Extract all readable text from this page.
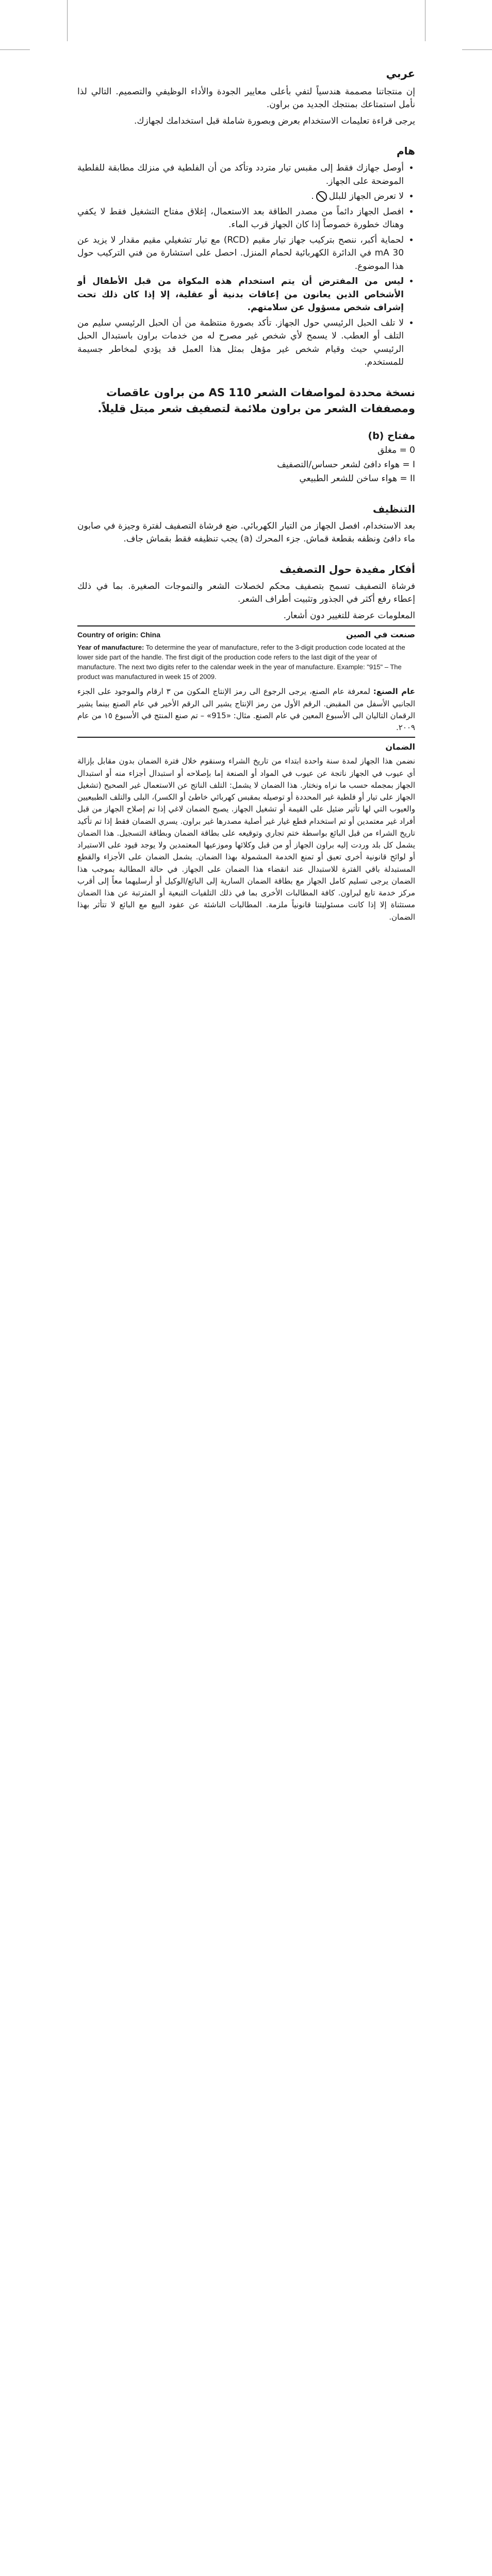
عربي

إن منتجاتنا مصممة هندسياً لتفي بأعلى معايير الجودة والأداء الوظيفي والتصميم. التالي لذا نأمل استمتاعك بمنتجك الجديد من براون.

يرجى قراءة تعليمات الاستخدام بعرض وبصورة شاملة قبل استخدامك لجهازك.

هام
• أوصل جهازك فقط إلى مقبس تيار متردد وتأكد من أن الفلطية في منزلك مطابقة للفلطية الموضحة على الجهاز.
• لا تعرض الجهاز للبلل.
• افصل الجهاز دائماً من مصدر الطاقة بعد الاستعمال، إغلاق مفتاح التشغيل فقط لا يكفي وهناك خطورة خصوصاً إذا كان الجهاز قرب الماء.
• لحماية أكبر، ننصح بتركيب جهاز تيار مقيم (RCD) مع تيار تشغيلي مقيم مقدار لا يزيد عن 30 mA في الدائرة الكهربائية لحمام المنزل. احصل على استشارة من فني التركيب حول هذا الموضوع.
• ليس من المفترض أن يتم استخدام هذه المكواة من قبل الأطفال أو الأشخاص الذين يعانون من إعاقات بدنية أو عقلية، إلا إذا كان ذلك تحت إشراف شخص مسؤول عن سلامتهم.
• لا تلف الحبل الرئيسي حول الجهاز. تأكد بصورة منتظمة من أن الحبل الرئيسي سليم من التلف أو العطب. لا يسمح لأي شخص غير مصرح له من خدمات براون باستبدال الحبل الرئيسي حيث وقيام شخص غير مؤهل بمثل هذا العمل قد يؤدي لمخاطر جسيمة للمستخدم.
نسخة محددة لمواصفات الشعر AS 110 من براون عاقصات ومصففات الشعر من براون ملائمة لتصفيف شعر مبتل قليلاً.
مفتاح (b)
0 = مغلق
I = هواء دافئ لشعر حساس/التصفيف
II = هواء ساخن للشعر الطبيعي
التنظيف

بعد الاستخدام، افصل الجهاز من التيار الكهربائي. ضع فرشاة التصفيف لفترة وجيزة في صابون ماء دافئ ونظفه بقطعة قماش. جزء المحرك (a) يجب تنظيفه فقط بقماش جاف.

أفكار مفيدة حول التصفيف

فرشاة التصفيف تسمح بتصفيف محكم لخصلات الشعر والتموجات الصغيرة. بما في ذلك إعطاء رفع أكثر في الجذور وتثبيت أطراف الشعر.

المعلومات عرضة للتغيير دون أشعار.

صنعت في الصين
Country of origin: China
Year of manufacture: To determine the year of manufacture, refer to the 3-digit production code located at the lower side part of the handle. The first digit of the production code refers to the last digit of the year of manufacture. The next two digits refer to the calendar week in the year of manufacture. Example: "915" – The product was manufactured in week 15 of 2009.

عام الصنع: لمعرفة عام الصنع، يرجى الرجوع الى رمز الإنتاج المكون من ٣ ارقام والموجود على الجزء الجانبي الأسفل من المقبض. الرقم الأول من رمز الإنتاج يشير الى الرقم الأخير في عام الصنع بينما يشير الرقمان التاليان الى الأسبوع المعين في عام الصنع. مثال: «915» – تم صنع المنتج في الأسبوع ١٥ من عام ٢٠٠٩.

الضمان

نضمن هذا الجهاز لمدة سنة واحدة ابتداء من تاريخ الشراء وسنقوم خلال فترة الضمان بدون مقابل بإزالة أي عيوب في الجهاز ناتجة عن عيوب في المواد أو الصنعة إما بإصلاحه أو استبدال أجزاء منه أو استبدال الجهاز بمجمله حسب ما نراه ونختار. هذا الضمان لا يشمل: التلف الناتج عن الاستعمال غير الصحيح (تشغيل الجهاز على تيار أو فلطية غير المحددة أو توصيله بمقبس كهربائي خاطئ أو الكسر)، البلى والتلف الطبيعيين والعيوب التي لها تأثير ضئيل على القيمة أو تشغيل الجهاز. يصبح الضمان لاغي إذا تم إصلاح الجهاز من قبل أفراد غير معتمدين أو تم استخدام قطع غيار غير أصلية مصدرها غير براون. يسري الضمان فقط إذا تم تأكيد تاريخ الشراء من قبل البائع بواسطة ختم تجاري وتوقيعه على بطاقة الضمان وبطاقة التسجيل. هذا الضمان يشمل كل بلد وردت إليه براون الجهاز أو من قبل وكلائها وموزعيها المعتمدين ولا يوجد قيود على الاستيراد أو لوائح قانونية أخرى تعيق أو تمنع الخدمة المشمولة بهذا الضمان. يشمل الضمان على الأجزاء والقطع المستبدلة باقي الفترة للاستبدال عند انقضاء هذا الضمان على الجهاز. في حالة المطالبة بموجب هذا الضمان يرجى تسليم كامل الجهاز مع بطاقة الضمان السارية إلى البائع/الوكيل أو أرسليهما معاً إلى أقرب مركز خدمة تابع لبراون. كافة المطالبات الأخرى بما في ذلك التلفيات التبعية أو المترتبة عن هذا الضمان مستثناة إلا إذا كانت مسئوليتنا قانونياً ملزمة. المطالبات الناشئة عن عقود البيع مع البائع لا تتأثر بهذا الضمان.
